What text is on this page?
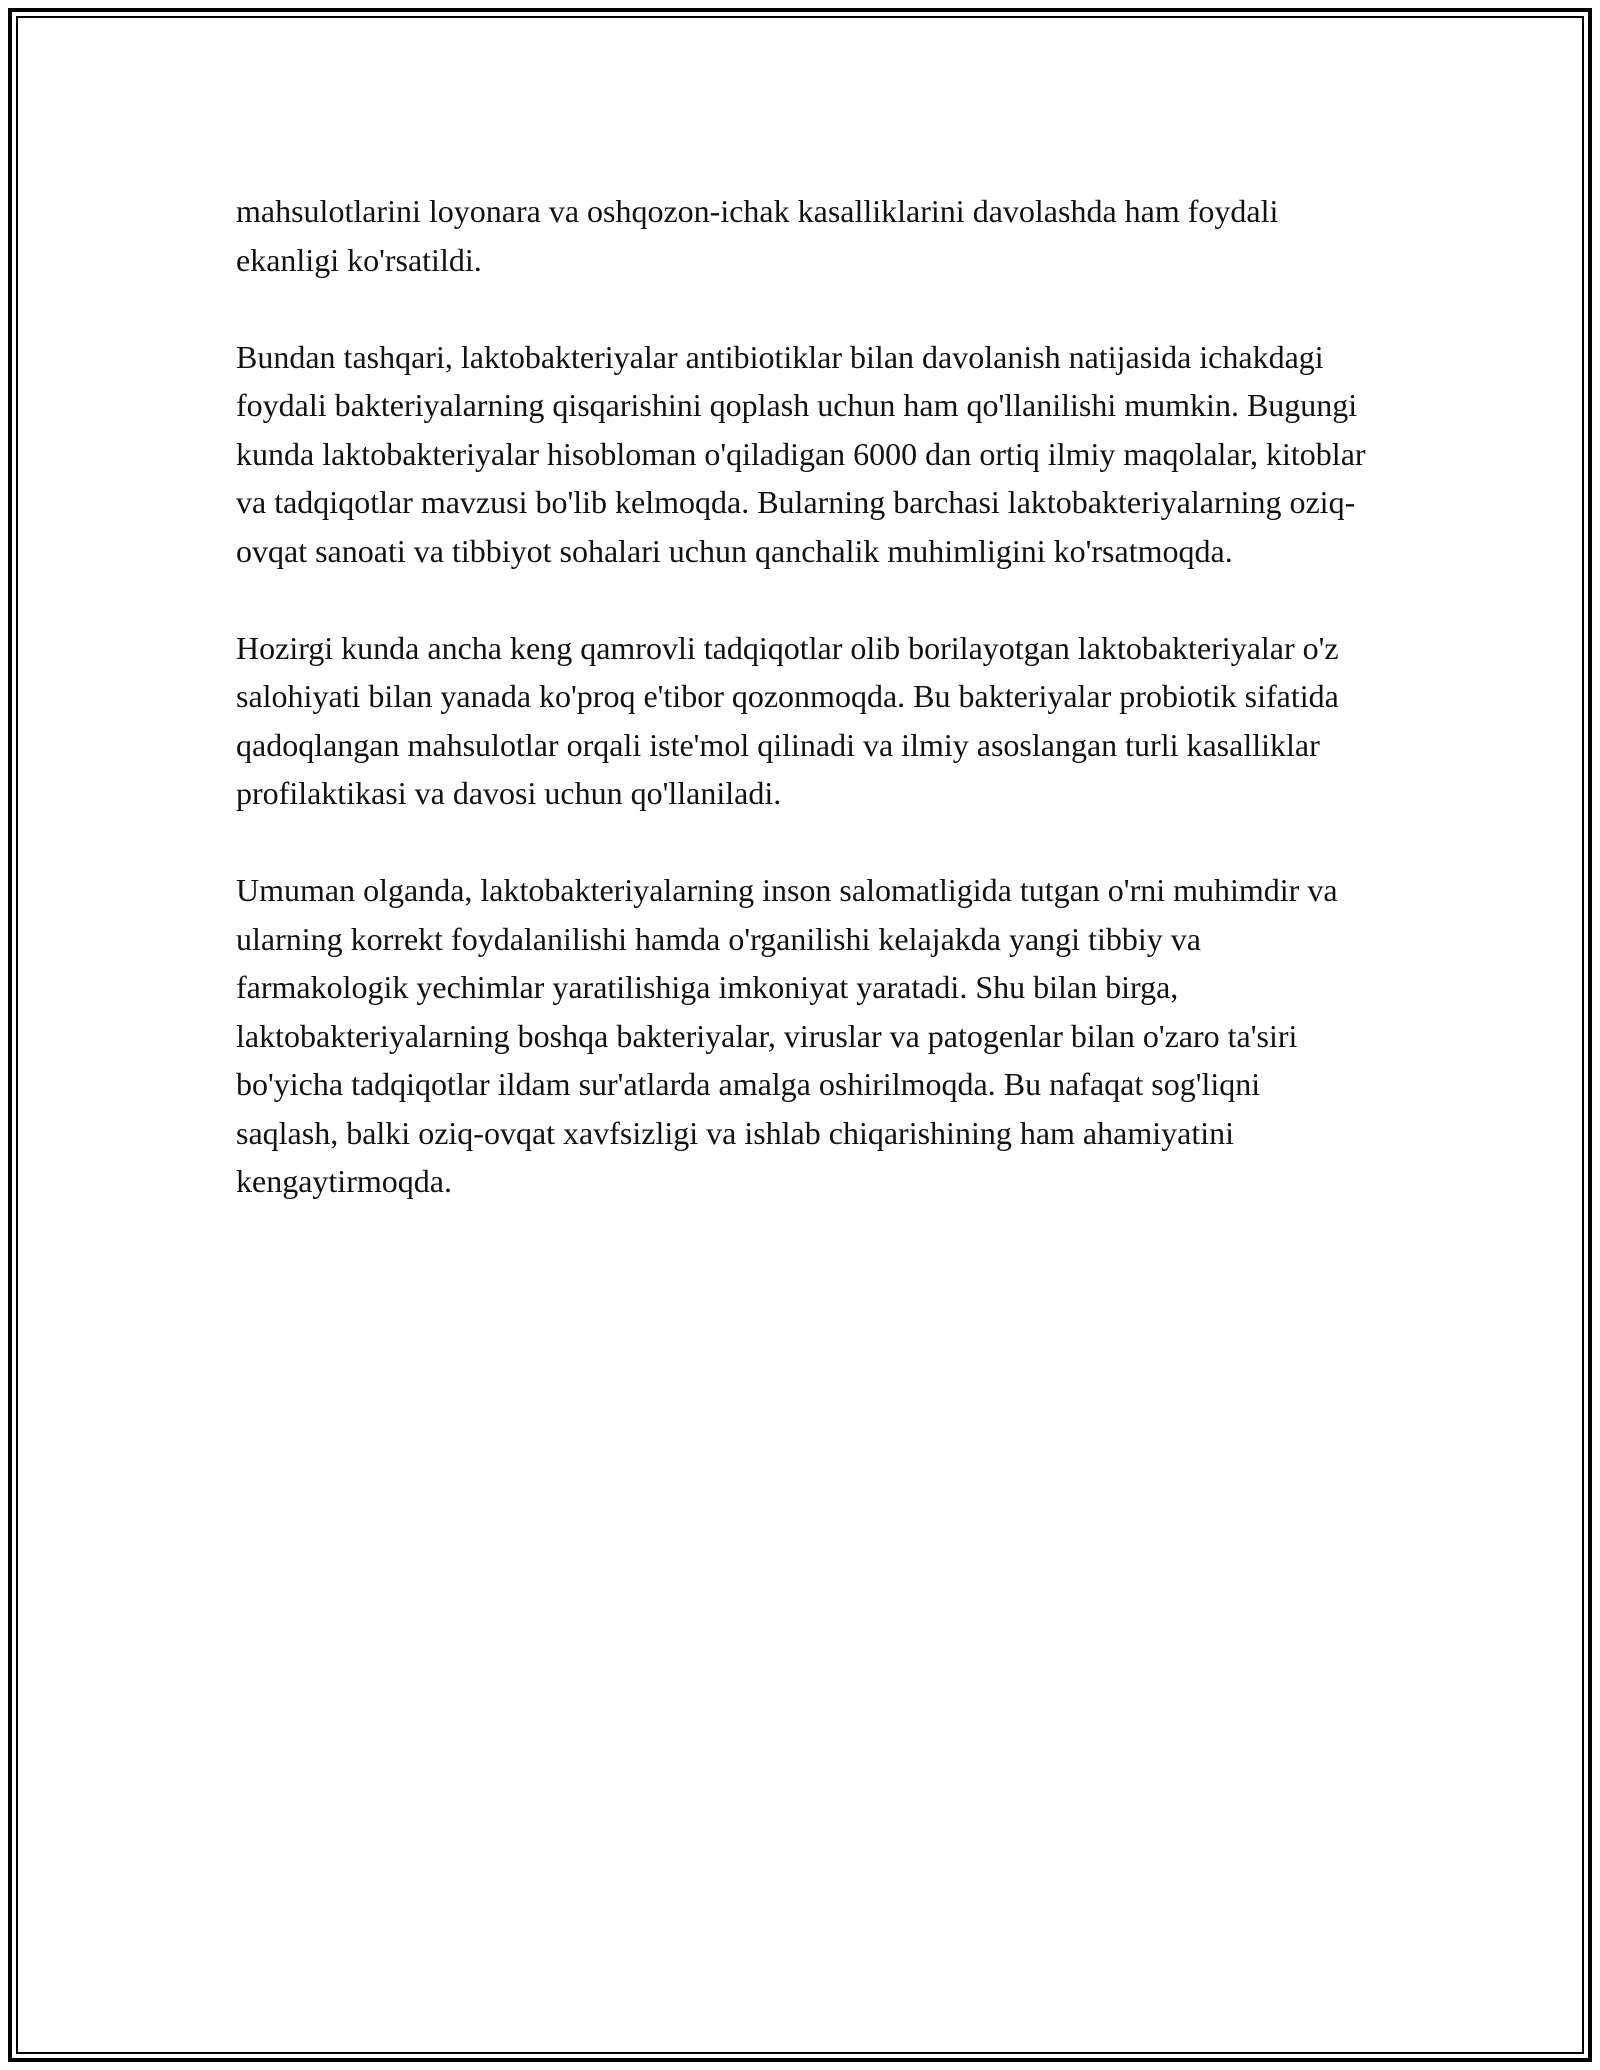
mahsulotlarini loyonara va oshqozon-ichak kasalliklarini davolashda ham foydali ekanligi ko'rsatildi.

Bundan tashqari, laktobakteriyalar antibiotiklar bilan davolanish natijasida ichakdagi foydali bakteriyalarning qisqarishini qoplash uchun ham qo'llanilishi mumkin. Bugungi kunda laktobakteriyalar hisobloman o'qiladigan 6000 dan ortiq ilmiy maqolalar, kitoblar va tadqiqotlar mavzusi bo'lib kelmoqda. Bularning barchasi laktobakteriyalarning oziq-ovqat sanoati va tibbiyot sohalari uchun qanchalik muhimligini ko'rsatmoqda.

Hozirgi kunda ancha keng qamrovli tadqiqotlar olib borilayotgan laktobakteriyalar o'z salohiyati bilan yanada ko'proq e'tibor qozonmoqda. Bu bakteriyalar probiotik sifatida qadoqlangan mahsulotlar orqali iste'mol qilinadi va ilmiy asoslangan turli kasalliklar profilaktikasi va davosi uchun qo'llaniladi.

Umuman olganda, laktobakteriyalarning inson salomatligida tutgan o'rni muhimdir va ularning korrekt foydalanilishi hamda o'rganilishi kelajakda yangi tibbiy va farmakologik yechimlar yaratilishiga imkoniyat yaratadi. Shu bilan birga, laktobakteriyalarning boshqa bakteriyalar, viruslar va patogenlar bilan o'zaro ta'siri bo'yicha tadqiqotlar ildam sur'atlarda amalga oshirilmoqda. Bu nafaqat sog'liqni saqlash, balki oziq-ovqat xavfsizligi va ishlab chiqarishining ham ahamiyatini kengaytirmoqda.
